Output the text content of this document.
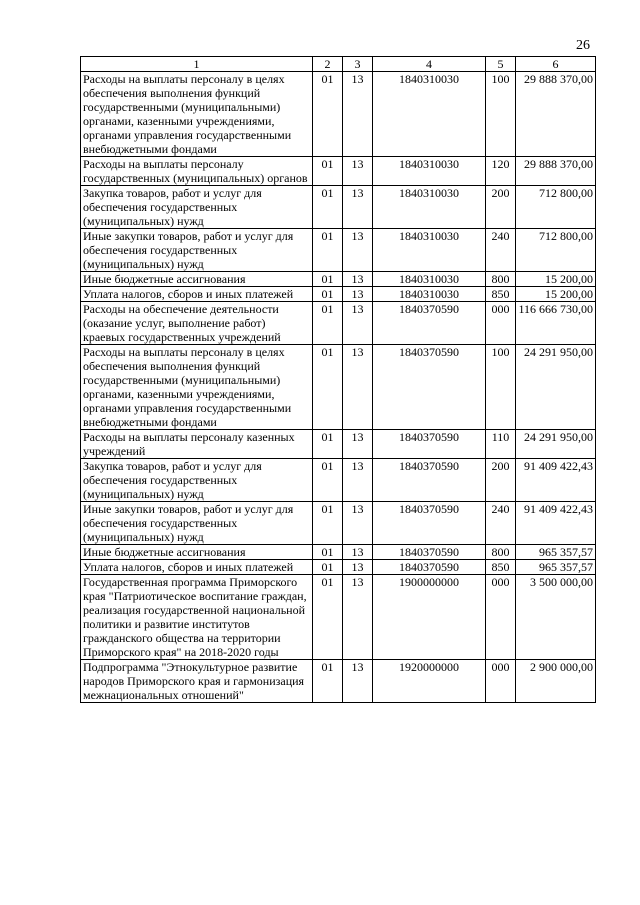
26
1	2	3	4	5	6
Расходы на выплаты персоналу в целях обеспечения выполнения функций государственными (муниципальными) органами, казенными учреждениями, органами управления государственными внебюджетными фондами	01	13	1840310030	100	29 888 370,00
Расходы на выплаты персоналу государственных (муниципальных) органов	01	13	1840310030	120	29 888 370,00
Закупка товаров, работ и услуг для обеспечения государственных (муниципальных) нужд	01	13	1840310030	200	712 800,00
Иные закупки товаров, работ и услуг для обеспечения государственных (муниципальных) нужд	01	13	1840310030	240	712 800,00
Иные бюджетные ассигнования	01	13	1840310030	800	15 200,00
Уплата налогов, сборов и иных платежей	01	13	1840310030	850	15 200,00
Расходы на обеспечение деятельности (оказание услуг, выполнение работ) краевых государственных учреждений	01	13	1840370590	000	116 666 730,00
Расходы на выплаты персоналу в целях обеспечения выполнения функций государственными (муниципальными) органами, казенными учреждениями, органами управления государственными внебюджетными фондами	01	13	1840370590	100	24 291 950,00
Расходы на выплаты персоналу казенных учреждений	01	13	1840370590	110	24 291 950,00
Закупка товаров, работ и услуг для обеспечения государственных (муниципальных) нужд	01	13	1840370590	200	91 409 422,43
Иные закупки товаров, работ и услуг для обеспечения государственных (муниципальных) нужд	01	13	1840370590	240	91 409 422,43
Иные бюджетные ассигнования	01	13	1840370590	800	965 357,57
Уплата налогов, сборов и иных платежей	01	13	1840370590	850	965 357,57
Государственная программа Приморского края "Патриотическое воспитание граждан, реализация государственной национальной политики и развитие институтов гражданского общества на территории Приморского края" на 2018-2020 годы	01	13	1900000000	000	3 500 000,00
Подпрограмма "Этнокультурное развитие народов Приморского края и гармонизация межнациональных отношений"	01	13	1920000000	000	2 900 000,00
